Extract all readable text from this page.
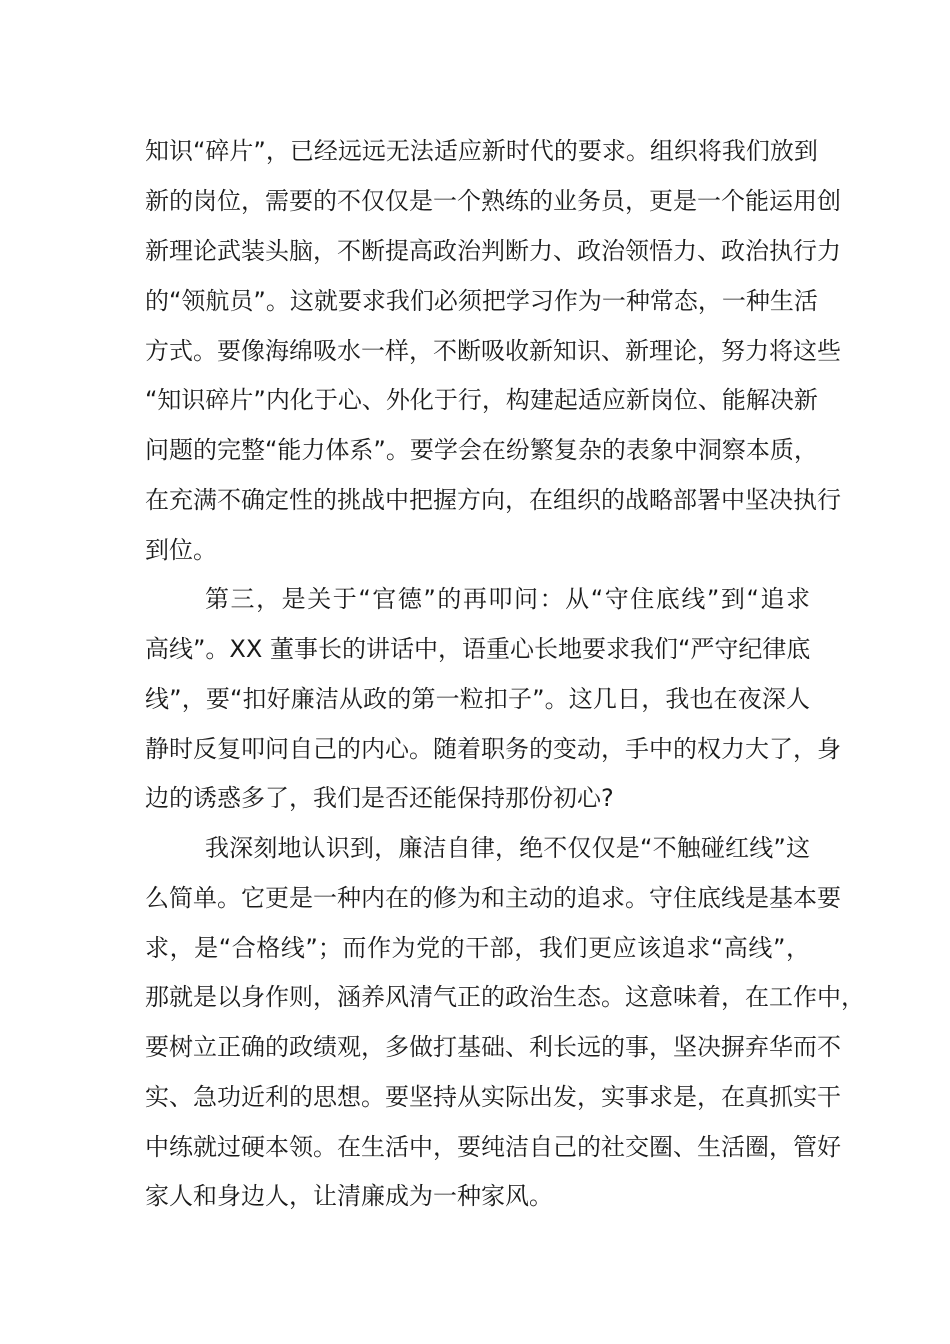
知识“碎片”，已经远远无法适应新时代的要求。组织将我们放到
新的岗位，需要的不仅仅是一个熟练的业务员，更是一个能运用创
新理论武装头脑，不断提高政治判断力、政治领悟力、政治执行力
的“领航员”。这就要求我们必须把学习作为一种常态，一种生活
方式。要像海绵吸水一样，不断吸收新知识、新理论，努力将这些
“知识碎片”内化于心、外化于行，构建起适应新岗位、能解决新
问题的完整“能力体系”。要学会在纷繁复杂的表象中洞察本质，
在充满不确定性的挑战中把握方向，在组织的战略部署中坚决执行
到位。
第三，是关于“官德”的再叩问：从“守住底线”到“追求
高线”。XX 董事长的讲话中，语重心长地要求我们“严守纪律底
线”，要“扣好廉洁从政的第一粒扣子”。这几日，我也在夜深人
静时反复叩问自己的内心。随着职务的变动，手中的权力大了，身
边的诱惑多了，我们是否还能保持那份初心?
我深刻地认识到，廉洁自律，绝不仅仅是“不触碰红线”这
么简单。它更是一种内在的修为和主动的追求。守住底线是基本要
求，是“合格线”；而作为党的干部，我们更应该追求“高线”，
那就是以身作则，涵养风清气正的政治生态。这意味着，在工作中，
要树立正确的政绩观，多做打基础、利长远的事，坚决摒弃华而不
实、急功近利的思想。要坚持从实际出发，实事求是，在真抓实干
中练就过硬本领。在生活中，要纯洁自己的社交圈、生活圈，管好
家人和身边人，让清廉成为一种家风。
